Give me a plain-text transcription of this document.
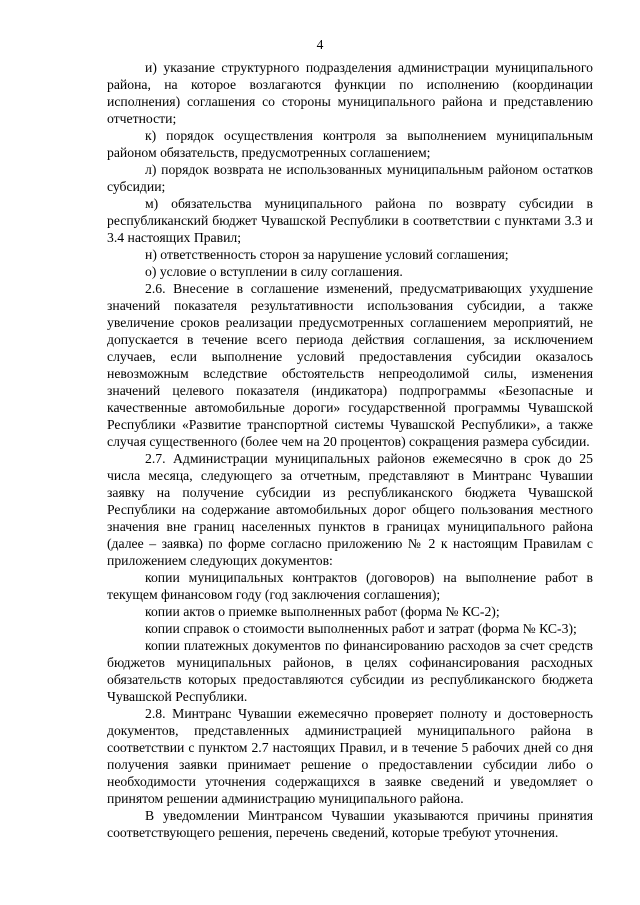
4

и) указание структурного подразделения администрации муниципального района, на которое возлагаются функции по исполнению (координации исполнения) соглашения со стороны муниципального района и представлению отчетности;

к) порядок осуществления контроля за выполнением муниципальным районом обязательств, предусмотренных соглашением;

л) порядок возврата не использованных муниципальным районом остатков субсидии;

м) обязательства муниципального района по возврату субсидии в республиканский бюджет Чувашской Республики в соответствии с пунктами 3.3 и 3.4 настоящих Правил;

н) ответственность сторон за нарушение условий соглашения;

о) условие о вступлении в силу соглашения.

2.6. Внесение в соглашение изменений, предусматривающих ухудшение значений показателя результативности использования субсидии, а также увеличение сроков реализации предусмотренных соглашением мероприятий, не допускается в течение всего периода действия соглашения, за исключением случаев, если выполнение условий предоставления субсидии оказалось невозможным вследствие обстоятельств непреодолимой силы, изменения значений целевого показателя (индикатора) подпрограммы «Безопасные и качественные автомобильные дороги» государственной программы Чувашской Республики «Развитие транспортной системы Чувашской Республики», а также случая существенного (более чем на 20 процентов) сокращения размера субсидии.

2.7. Администрации муниципальных районов ежемесячно в срок до 25 числа месяца, следующего за отчетным, представляют в Минтранс Чувашии заявку на получение субсидии из республиканского бюджета Чувашской Республики на содержание автомобильных дорог общего пользования местного значения вне границ населенных пунктов в границах муниципального района (далее – заявка) по форме согласно приложению № 2 к настоящим Правилам с приложением следующих документов:

копии муниципальных контрактов (договоров) на выполнение работ в текущем финансовом году (год заключения соглашения);

копии актов о приемке выполненных работ (форма № КС-2);

копии справок о стоимости выполненных работ и затрат (форма № КС-3);

копии платежных документов по финансированию расходов за счет средств бюджетов муниципальных районов, в целях софинансирования расходных обязательств которых предоставляются субсидии из республиканского бюджета Чувашской Республики.

2.8. Минтранс Чувашии ежемесячно проверяет полноту и достоверность документов, представленных администрацией муниципального района в соответствии с пунктом 2.7 настоящих Правил, и в течение 5 рабочих дней со дня получения заявки принимает решение о предоставлении субсидии либо о необходимости уточнения содержащихся в заявке сведений и уведомляет о принятом решении администрацию муниципального района.

В уведомлении Минтрансом Чувашии указываются причины принятия соответствующего решения, перечень сведений, которые требуют уточнения.
